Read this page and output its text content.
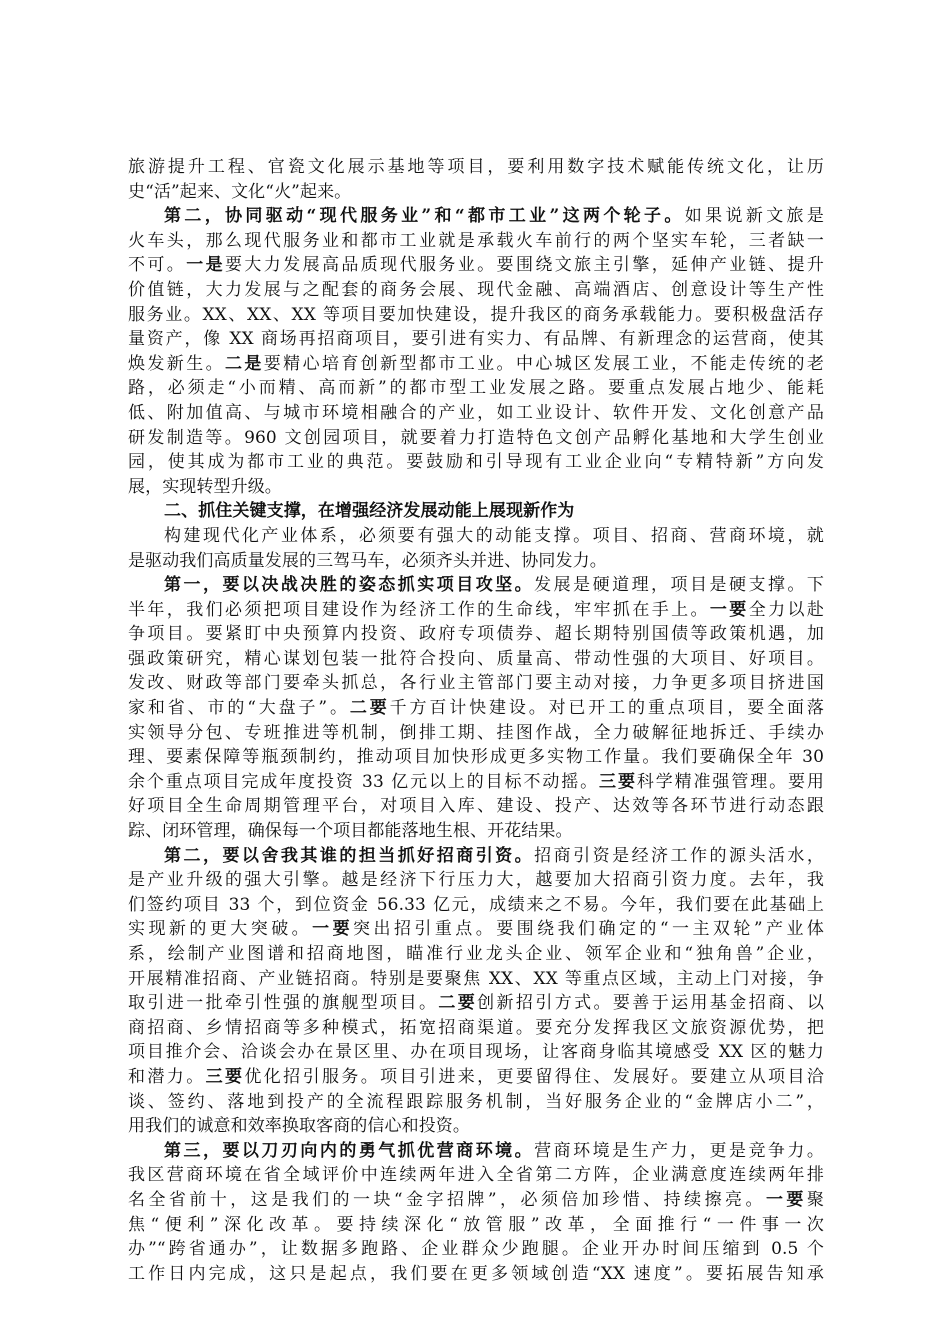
旅游提升工程、官瓷文化展示基地等项目，要利用数字技术赋能传统文化，让历
史“活”起来、文化“火”起来。
第二，协同驱动“现代服务业”和“都市工业”这两个轮子。如果说新文旅是
火车头，那么现代服务业和都市工业就是承载火车前行的两个坚实车轮，三者缺一
不可。一是要大力发展高品质现代服务业。要围绕文旅主引擎，延伸产业链、提升
价值链，大力发展与之配套的商务会展、现代金融、高端酒店、创意设计等生产性
服务业。XX、XX、XX 等项目要加快建设，提升我区的商务承载能力。要积极盘活存
量资产，像 XX 商场再招商项目，要引进有实力、有品牌、有新理念的运营商，使其
焕发新生。二是要精心培育创新型都市工业。中心城区发展工业，不能走传统的老
路，必须走“小而精、高而新”的都市型工业发展之路。要重点发展占地少、能耗
低、附加值高、与城市环境相融合的产业，如工业设计、软件开发、文化创意产品
研发制造等。960 文创园项目，就要着力打造特色文创产品孵化基地和大学生创业
园，使其成为都市工业的典范。要鼓励和引导现有工业企业向“专精特新”方向发
展，实现转型升级。
二、抓住关键支撑，在增强经济发展动能上展现新作为
构建现代化产业体系，必须要有强大的动能支撑。项目、招商、营商环境，就
是驱动我们高质量发展的三驾马车，必须齐头并进、协同发力。
第一，要以决战决胜的姿态抓实项目攻坚。发展是硬道理，项目是硬支撑。下
半年，我们必须把项目建设作为经济工作的生命线，牢牢抓在手上。一要全力以赴
争项目。要紧盯中央预算内投资、政府专项债券、超长期特别国债等政策机遇，加
强政策研究，精心谋划包装一批符合投向、质量高、带动性强的大项目、好项目。
发改、财政等部门要牵头抓总，各行业主管部门要主动对接，力争更多项目挤进国
家和省、市的“大盘子”。二要千方百计快建设。对已开工的重点项目，要全面落
实领导分包、专班推进等机制，倒排工期、挂图作战，全力破解征地拆迁、手续办
理、要素保障等瓶颈制约，推动项目加快形成更多实物工作量。我们要确保全年 30
余个重点项目完成年度投资 33 亿元以上的目标不动摇。三要科学精准强管理。要用
好项目全生命周期管理平台，对项目入库、建设、投产、达效等各环节进行动态跟
踪、闭环管理，确保每一个项目都能落地生根、开花结果。
第二，要以舍我其谁的担当抓好招商引资。招商引资是经济工作的源头活水，
是产业升级的强大引擎。越是经济下行压力大，越要加大招商引资力度。去年，我
们签约项目 33 个，到位资金 56.33 亿元，成绩来之不易。今年，我们要在此基础上
实现新的更大突破。一要突出招引重点。要围绕我们确定的“一主双轮”产业体
系，绘制产业图谱和招商地图，瞄准行业龙头企业、领军企业和“独角兽”企业，
开展精准招商、产业链招商。特别是要聚焦 XX、XX 等重点区域，主动上门对接，争
取引进一批牵引性强的旗舰型项目。二要创新招引方式。要善于运用基金招商、以
商招商、乡情招商等多种模式，拓宽招商渠道。要充分发挥我区文旅资源优势，把
项目推介会、洽谈会办在景区里、办在项目现场，让客商身临其境感受 XX 区的魅力
和潜力。三要优化招引服务。项目引进来，更要留得住、发展好。要建立从项目洽
谈、签约、落地到投产的全流程跟踪服务机制，当好服务企业的“金牌店小二”，
用我们的诚意和效率换取客商的信心和投资。
第三，要以刀刃向内的勇气抓优营商环境。营商环境是生产力，更是竞争力。
我区营商环境在省全域评价中连续两年进入全省第二方阵，企业满意度连续两年排
名全省前十，这是我们的一块“金字招牌”，必须倍加珍惜、持续擦亮。一要聚
焦“便利”深化改革。要持续深化“放管服”改革，全面推行“一件事一次
办”“跨省通办”，让数据多跑路、企业群众少跑腿。企业开办时间压缩到 0.5 个
工作日内完成，这只是起点，我们要在更多领域创造“XX 速度”。要拓展告知承
